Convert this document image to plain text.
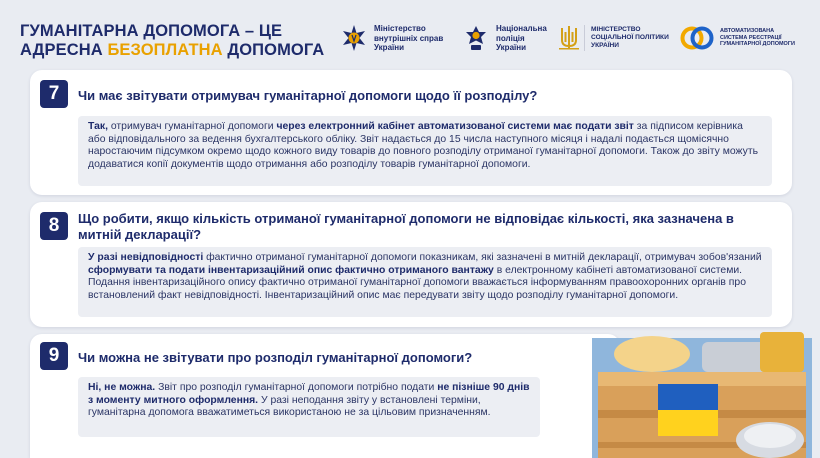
ГУМАНІТАРНА ДОПОМОГА – ЦЕ
АДРЕСНА БЕЗОПЛАТНА ДОПОМОГА
Міністерство
внутрішніх справ
України
Національна
поліція
України
МІНІСТЕРСТВО
СОЦІАЛЬНОЇ ПОЛІТИКИ
УКРАЇНИ
АВТОМАТИЗОВАНА
СИСТЕМА РЕЄСТРАЦІЇ
ГУМАНІТАРНОЇ ДОПОМОГИ
7	Чи має звітувати отримувач гуманітарної допомоги щодо її розподілу?
Так, отримувач гуманітарної допомоги через електронний кабінет автоматизованої системи має подати звіт за підписом керівника або відповідального за ведення бухгалтерського обліку. Звіт надається до 15 числа наступного місяця і надалі подається щомісячно наростаючим підсумком окремо щодо кожного виду товарів до повного розподілу отриманої гуманітарної допомоги. Також до звіту можуть додаватися копії документів щодо отримання або розподілу товарів гуманітарної допомоги.
8	Що робити, якщо кількість отриманої гуманітарної допомоги не відповідає кількості, яка зазначена в митній декларації?
У разі невідповідності фактично отриманої гуманітарної допомоги показникам, які зазначені в митній декларації, отримувач зобов'язаний сформувати та подати інвентаризаційний опис фактично отриманого вантажу в електронному кабінеті автоматизованої системи. Подання інвентаризаційного опису фактично отриманої гуманітарної допомоги вважається інформуванням правоохоронних органів про встановлений факт невідповідності. Інвентаризаційний опис має передувати звіту щодо розподілу гуманітарної допомоги.
9	Чи можна не звітувати про розподіл гуманітарної допомоги?
Ні, не можна. Звіт про розподіл гуманітарної допомоги потрібно подати не пізніше 90 днів з моменту митного оформлення. У разі неподання звіту у встановлені терміни, гуманітарна допомога вважатиметься використаною не за цільовим призначенням.
